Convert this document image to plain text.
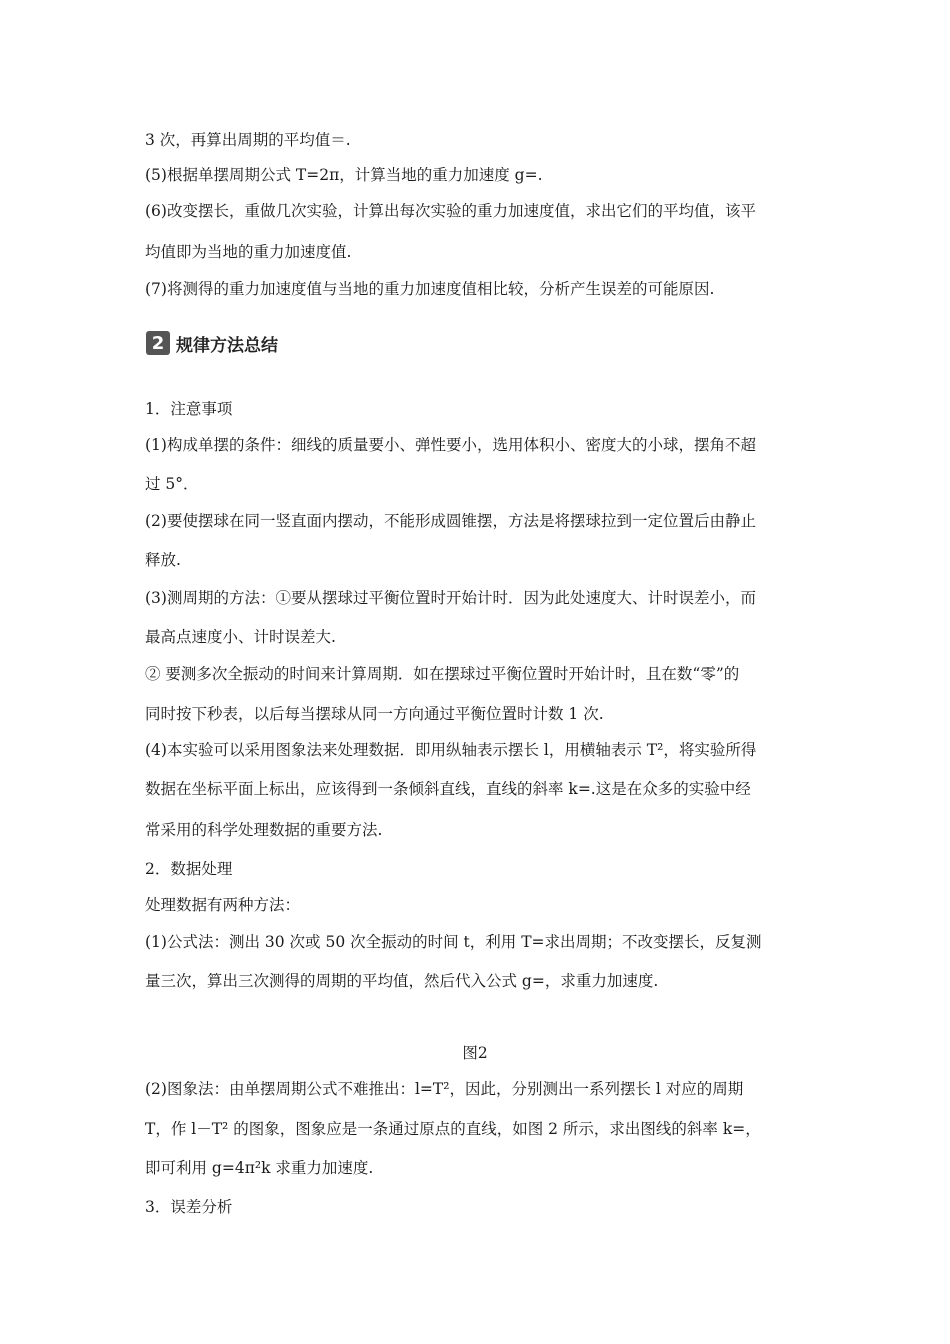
3 次，再算出周期的平均值＝.
(5)根据单摆周期公式 T=2π，计算当地的重力加速度 g=.
(6)改变摆长，重做几次实验，计算出每次实验的重力加速度值，求出它们的平均值，该平
均值即为当地的重力加速度值.
(7)将测得的重力加速度值与当地的重力加速度值相比较，分析产生误差的可能原因.
2 规律方法总结
1．注意事项
(1)构成单摆的条件：细线的质量要小、弹性要小，选用体积小、密度大的小球，摆角不超
过 5°．
(2)要使摆球在同一竖直面内摆动，不能形成圆锥摆，方法是将摆球拉到一定位置后由静止
释放.
(3)测周期的方法：①要从摆球过平衡位置时开始计时．因为此处速度大、计时误差小，而
最高点速度小、计时误差大.
② 要测多次全振动的时间来计算周期．如在摆球过平衡位置时开始计时，且在数“零”的
同时按下秒表，以后每当摆球从同一方向通过平衡位置时计数 1 次.
(4)本实验可以采用图象法来处理数据．即用纵轴表示摆长 l，用横轴表示 T²，将实验所得
数据在坐标平面上标出，应该得到一条倾斜直线，直线的斜率 k=.这是在众多的实验中经
常采用的科学处理数据的重要方法.
2．数据处理
处理数据有两种方法：
(1)公式法：测出 30 次或 50 次全振动的时间 t，利用 T=求出周期；不改变摆长，反复测
量三次，算出三次测得的周期的平均值，然后代入公式 g=，求重力加速度.
图2
(2)图象法：由单摆周期公式不难推出：l=T²，因此，分别测出一系列摆长 l 对应的周期
T，作 l－T² 的图象，图象应是一条通过原点的直线，如图 2 所示，求出图线的斜率 k=，
即可利用 g=4π²k 求重力加速度.
3．误差分析
